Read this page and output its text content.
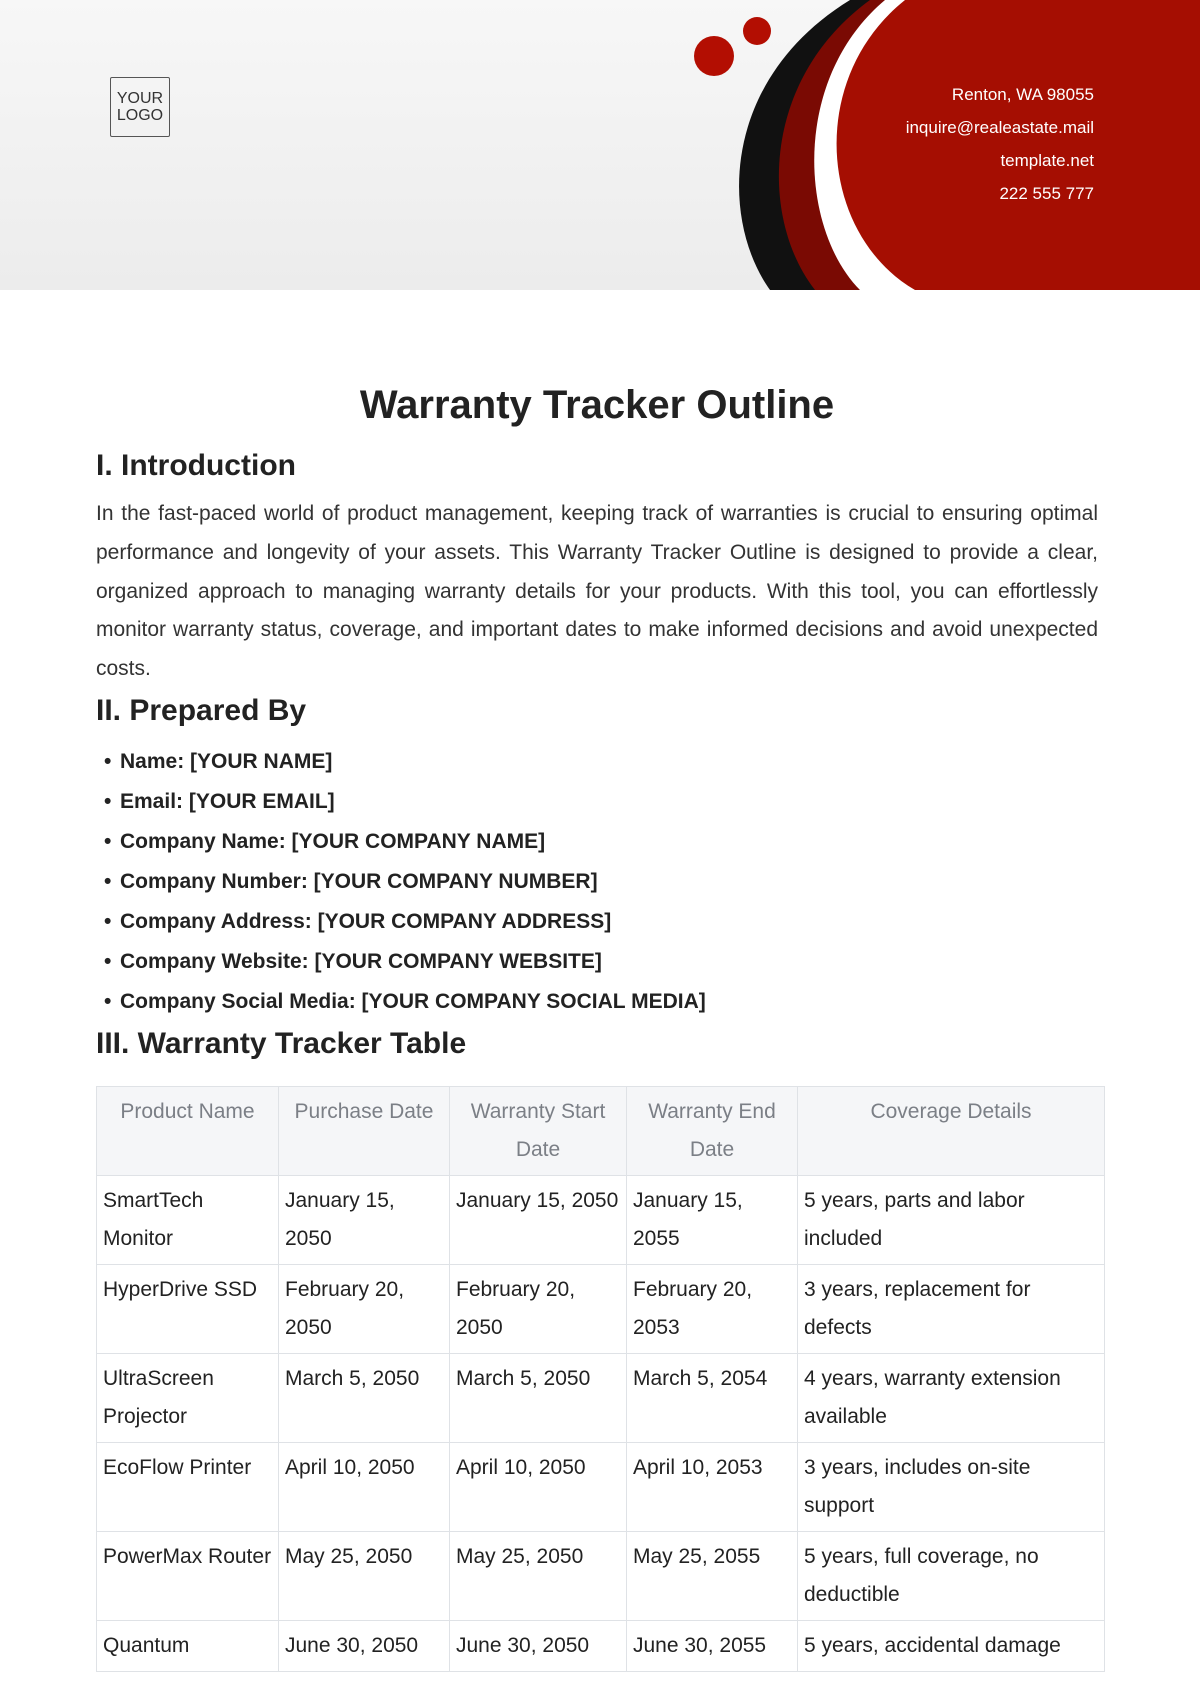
YOUR
LOGO
Renton, WA 98055
inquire@realeastate.mail
template.net
222 555 777
Warranty Tracker Outline
I. Introduction

In the fast-paced world of product management, keeping track of warranties is crucial to ensuring optimal performance and longevity of your assets. This Warranty Tracker Outline is designed to provide a clear, organized approach to managing warranty details for your products. With this tool, you can effortlessly monitor warranty status, coverage, and important dates to make informed decisions and avoid unexpected costs.

II. Prepared By
• Name: [YOUR NAME]
• Email: [YOUR EMAIL]
• Company Name: [YOUR COMPANY NAME]
• Company Number: [YOUR COMPANY NUMBER]
• Company Address: [YOUR COMPANY ADDRESS]
• Company Website: [YOUR COMPANY WEBSITE]
• Company Social Media: [YOUR COMPANY SOCIAL MEDIA]
III. Warranty Tracker Table
Product Name	Purchase Date	Warranty Start Date	Warranty End Date	Coverage Details
SmartTech Monitor	January 15, 2050	January 15, 2050	January 15, 2055	5 years, parts and labor included
HyperDrive SSD	February 20, 2050	February 20, 2050	February 20, 2053	3 years, replacement for defects
UltraScreen Projector	March 5, 2050	March 5, 2050	March 5, 2054	4 years, warranty extension available
EcoFlow Printer	April 10, 2050	April 10, 2050	April 10, 2053	3 years, includes on-site support
PowerMax Router	May 25, 2050	May 25, 2050	May 25, 2055	5 years, full coverage, no deductible
Quantum	June 30, 2050	June 30, 2050	June 30, 2055	5 years, accidental damage
